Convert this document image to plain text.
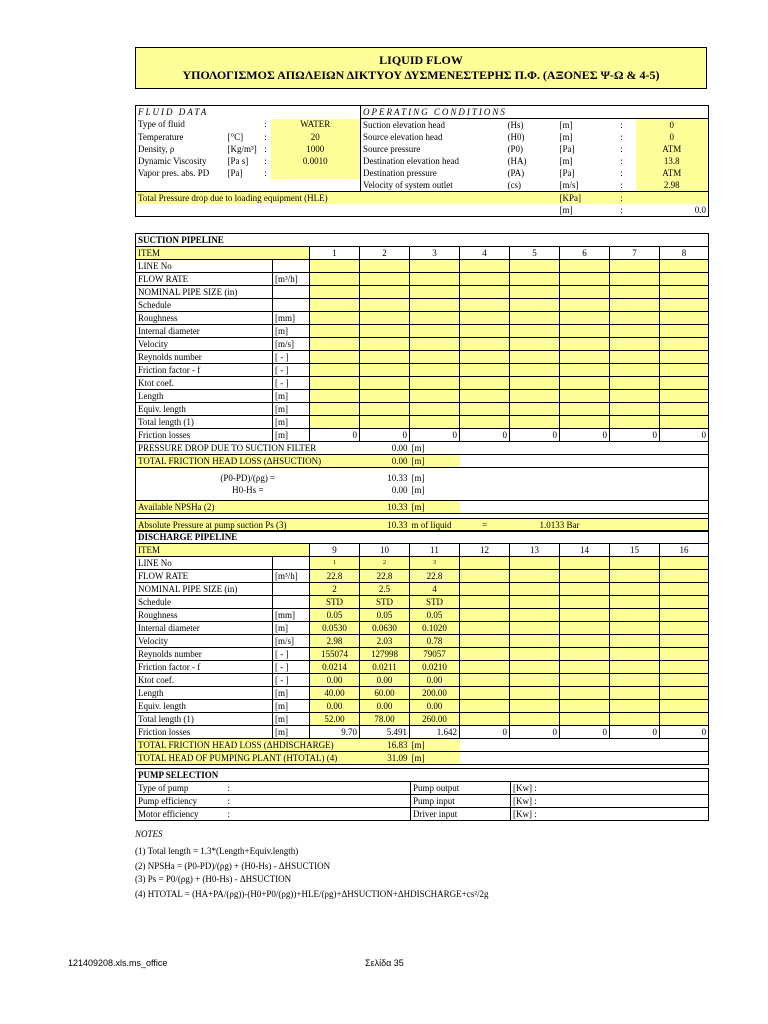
LIQUID FLOW
ΥΠΟΛΟΓΙΣΜΟΣ ΑΠΩΛΕΙΩΝ ΔΙΚΤΥΟΥ ΔΥΣΜΕΝΕΣΤΕΡΗΣ Π.Φ. (ΑΞΟΝΕΣ Ψ-Ω & 4-5)
FLUID DATA				OPERATING CONDITIONS				
Type of fluid		:	WATER	Suction elevation head	(Hs)	[m]	:	0
Temperature	[°C]	:	20	Source elevation head	(H0)	[m]	:	0
Density, ρ	[Kg/m³]	:	1000	Source pressure	(P0)	[Pa]	:	ATM
Dynamic Viscosity	[Pa s]	:	0.0010	Destination elevation head	(HA)	[m]	:	13.8
Vapor pres. abs. PD	[Pa]	:		Destination pressure	(PA)	[Pa]	:	ATM
				Velocity of system outlet	(cs)	[m/s]	:	2.98
Total Pressure drop due to loading equipment (HLE)						[KPa]	:	
						[m]	:	0.0
SUCTION PIPELINE									
ITEM		1	2	3	4	5	6	7	8
LINE No									
FLOW RATE	[m³/h]								
NOMINAL PIPE SIZE (in)									
Schedule									
Roughness	[mm]								
Internal diameter	[m]								
Velocity	[m/s]								
Reynolds number	[ - ]								
Friction factor - f	[ - ]								
Ktot coef.	[ - ]								
Length	[m]								
Equiv. length	[m]								
Total length (1)	[m]								
Friction losses	[m]	0	0	0	0	0	0	0	0
PRESSURE DROP DUE TO SUCTION FILTER			0.00	[m]					
TOTAL FRICTION HEAD LOSS (ΔHSUCTION)			0.00	[m]					

(P0-PD)/(ρg) =			10.33	[m]					
H0-Hs =			0.00	[m]					

Available NPSHa (2)			10.33	[m]					

Absolute Pressure at pump suction Ps (3)			10.33	m of liquid	=	1.0133 Bar			
DISCHARGE PIPELINE									
ITEM		9	10	11	12	13	14	15	16
LINE No		1	2	3					
FLOW RATE	[m³/h]	22.8	22.8	22.8					
NOMINAL PIPE SIZE (in)		2	2.5	4					
Schedule		STD	STD	STD					
Roughness	[mm]	0.05	0.05	0.05					
Internal diameter	[m]	0.0530	0.0630	0.1020					
Velocity	[m/s]	2.98	2.03	0.78					
Reynolds number	[ - ]	155074	127998	79057					
Friction factor - f	[ - ]	0.0214	0.0211	0.0210					
Ktot coef.	[ - ]	0.00	0.00	0.00					
Length	[m]	40.00	60.00	200.00					
Equiv. length	[m]	0.00	0.00	0.00					
Total length (1)	[m]	52.00	78.00	260.00					
Friction losses	[m]	9.70	5.491	1.642	0	0	0	0	0
TOTAL FRICTION HEAD LOSS (ΔHDISCHARGE)			16.83	[m]					
TOTAL HEAD OF PUMPING PLANT (HTOTAL) (4)			31.09	[m]					
PUMP SELECTION			
Type of pump	:	Pump output	[Kw] :
Pump efficiency	:	Pump input	[Kw] :
Motor efficiency	:	Driver input	[Kw] :
NOTES
(1) Total length = 1.3*(Length+Equiv.length)
(2) NPSHa = (P0-PD)/(ρg) + (H0-Hs) - ΔHSUCTION
(3) Ps = P0/(ρg) + (H0-Hs) - ΔHSUCTION
(4) HTOTAL = (HA+PA/(ρg))-(H0+P0/(ρg))+HLE/(ρg)+ΔHSUCTION+ΔHDISCHARGE+cs²/2g
121409208.xls.ms_office	Σελίδα 35
